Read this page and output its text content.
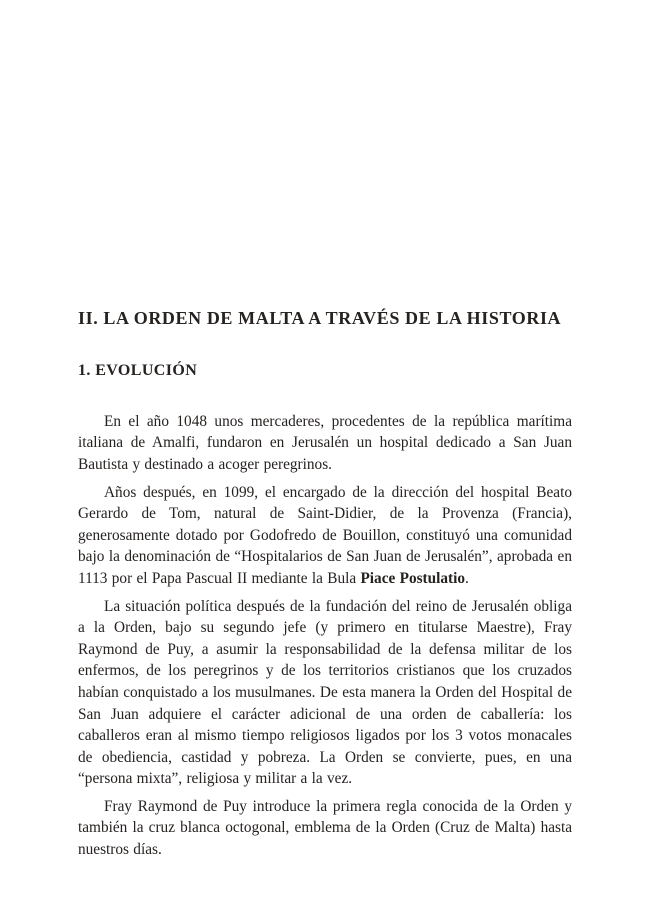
II. LA ORDEN DE MALTA A TRAVÉS DE LA HISTORIA
1. EVOLUCIÓN

En el año 1048 unos mercaderes, procedentes de la república marítima italiana de Amalfi, fundaron en Jerusalén un hospital dedicado a San Juan Bautista y destinado a acoger peregrinos.

Años después, en 1099, el encargado de la dirección del hospital Beato Gerardo de Tom, natural de Saint-Didier, de la Provenza (Francia), generosamente dotado por Godofredo de Bouillon, constituyó una comunidad bajo la denominación de “Hospitalarios de San Juan de Jerusalén”, aprobada en 1113 por el Papa Pascual II mediante la Bula Piace Postulatio.

La situación política después de la fundación del reino de Jerusalén obliga a la Orden, bajo su segundo jefe (y primero en titularse Maestre), Fray Raymond de Puy, a asumir la responsabilidad de la defensa militar de los enfermos, de los peregrinos y de los territorios cristianos que los cruzados habían conquistado a los musulmanes. De esta manera la Orden del Hospital de San Juan adquiere el carácter adicional de una orden de caballería: los caballeros eran al mismo tiempo religiosos ligados por los 3 votos monacales de obediencia, castidad y pobreza. La Orden se convierte, pues, en una “persona mixta”, religiosa y militar a la vez.

Fray Raymond de Puy introduce la primera regla conocida de la Orden y también la cruz blanca octogonal, emblema de la Orden (Cruz de Malta) hasta nuestros días.
